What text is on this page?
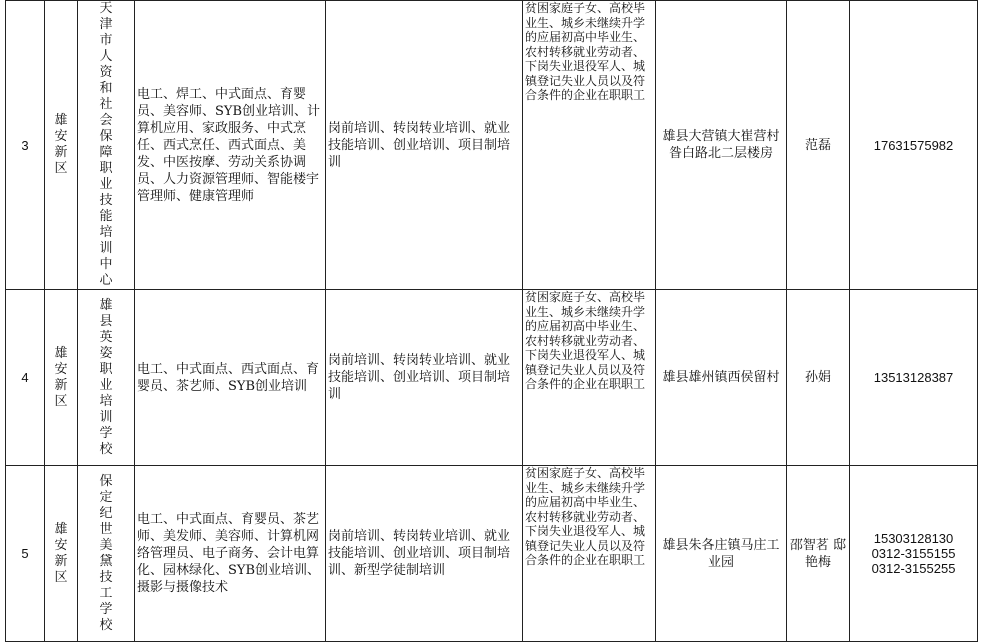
3	雄安新区	天津市人资和社会保障职业技能培训中心	电工、焊工、中式面点、育婴员、美容师、SYB创业培训、计算机应用、家政服务、中式烹任、西式烹任、西式面点、美发、中医按摩、劳动关系协调员、人力资源管理师、智能楼宇管理师、健康管理师	岗前培训、转岗转业培训、就业技能培训、创业培训、项目制培训	贫困家庭子女、高校毕业生、城乡未继续升学的应届初高中毕业生、农村转移就业劳动者、下岗失业退役军人、城镇登记失业人员以及符合条件的企业在职职工	雄县大营镇大崔营村昝白路北二层楼房	范磊	17631575982

4	雄安新区	雄县英姿职业培训学校	电工、中式面点、西式面点、育婴员、茶艺师、SYB创业培训	岗前培训、转岗转业培训、就业技能培训、创业培训、项目制培训	贫困家庭子女、高校毕业生、城乡未继续升学的应届初高中毕业生、农村转移就业劳动者、下岗失业退役军人、城镇登记失业人员以及符合条件的企业在职职工	雄县雄州镇西侯留村	孙娟	13513128387

5	雄安新区	保定纪世美黛技工学校	电工、中式面点、育婴员、茶艺师、美发师、美容师、计算机网络管理员、电子商务、会计电算化、园林绿化、SYB创业培训、摄影与摄像技术	岗前培训、转岗转业培训、就业技能培训、创业培训、项目制培训、新型学徒制培训	贫困家庭子女、高校毕业生、城乡未继续升学的应届初高中毕业生、农村转移就业劳动者、下岗失业退役军人、城镇登记失业人员以及符合条件的企业在职职工	雄县朱各庄镇马庄工业园	邵智茗 邸艳梅	15303128130
0312-3155155
0312-3155255
